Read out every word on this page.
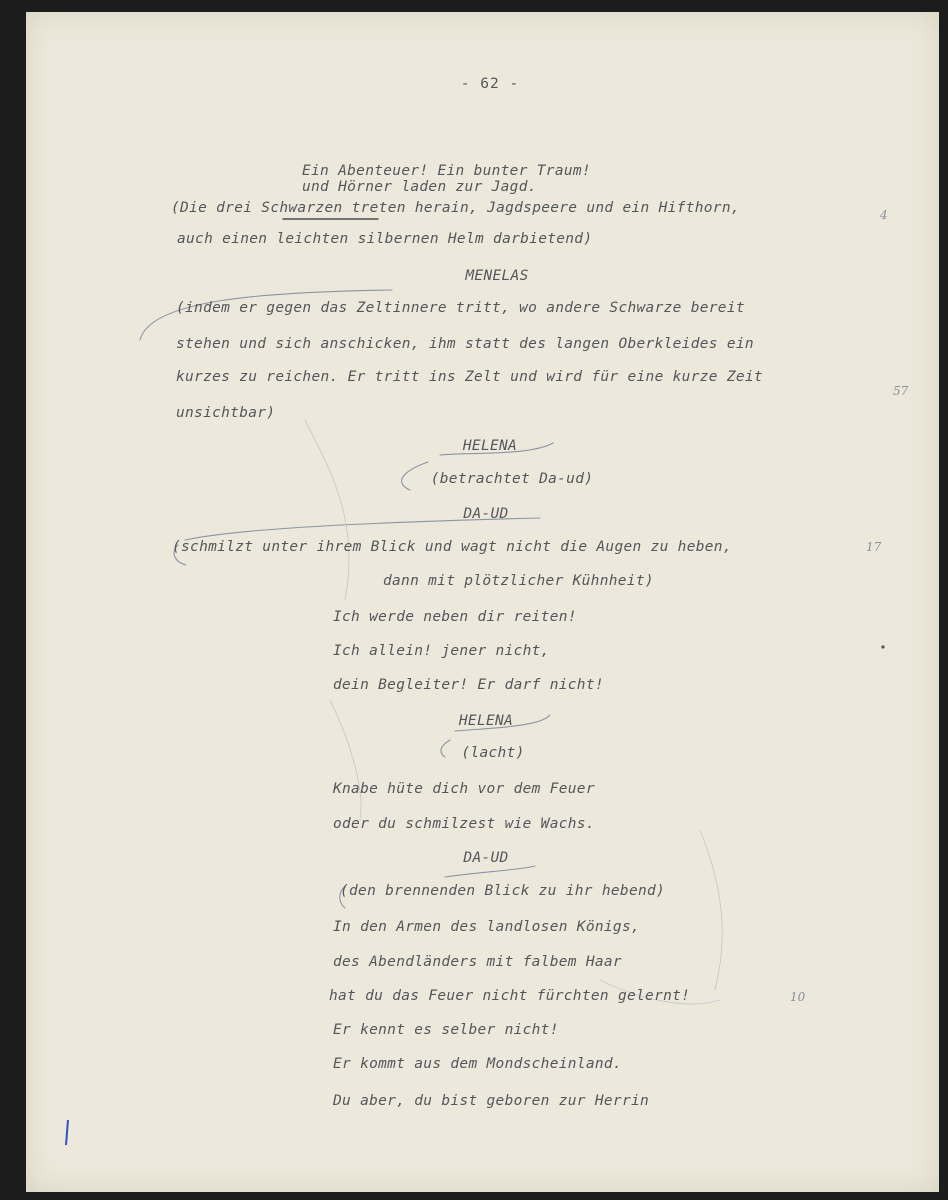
- 62 -
Ein Abenteuer! Ein bunter Traum!
und Hörner laden zur Jagd.
(Die drei Schwarzen treten herain, Jagdspeere und ein Hifthorn,
auch einen leichten silbernen Helm darbietend)
MENELAS
(indem er gegen das Zeltinnere tritt, wo andere Schwarze bereit
stehen und sich anschicken, ihm statt des langen Oberkleides ein
kurzes zu reichen. Er tritt ins Zelt und wird für eine kurze Zeit
unsichtbar)
HELENA
(betrachtet Da-ud)
DA-UD
(schmilzt unter ihrem Blick und wagt nicht die Augen zu heben,
dann mit plötzlicher Kühnheit)
Ich werde neben dir reiten!
Ich allein! jener nicht,
dein Begleiter! Er darf nicht!
HELENA
(lacht)
Knabe hüte dich vor dem Feuer
oder du schmilzest wie Wachs.
DA-UD
(den brennenden Blick zu ihr hebend)
In den Armen des landlosen Königs,
des Abendländers mit falbem Haar
hat du das Feuer nicht fürchten gelernt!
Er kennt es selber nicht!
Er kommt aus dem Mondscheinland.
Du aber, du bist geboren zur Herrin
4
57
17
10
